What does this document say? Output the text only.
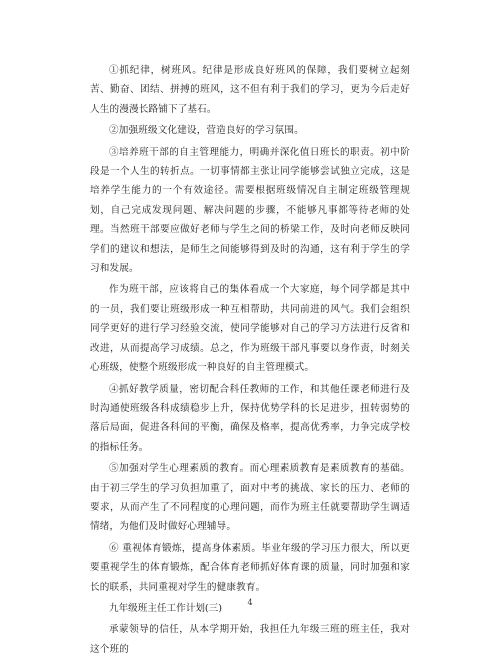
①抓纪律，树班风。纪律是形成良好班风的保障，我们要树立起刻苦、勤奋、团结、拼搏的班风，这不但有利于我们的学习，更为今后走好人生的漫漫长路铺下了基石。

②加强班级文化建设，营造良好的学习氛围。

③培养班干部的自主管理能力，明确并深化值日班长的职责。初中阶段是一个人生的转折点。一切事情都主张让同学能够尝试独立完成，这是培养学生能力的一个有效途径。需要根据班级情况自主制定班级管理规划，自己完成发现问题、解决问题的步骤，不能够凡事都等待老师的处理。当然班干部要应做好老师与学生之间的桥梁工作，及时向老师反映同学们的建议和想法，是师生之间能够得到及时的沟通，这有利于学生的学习和发展。

作为班干部，应该将自己的集体看成一个大家庭，每个同学都是其中的一员，我们要让班级形成一种互相帮助，共同前进的风气。我们会组织同学更好的进行学习经验交流，使同学能够对自己的学习方法进行反省和改进，从而提高学习成绩。总之，作为班级干部凡事要以身作责，时刻关心班级，使整个班级形成一种良好的自主管理模式。

④抓好教学质量，密切配合科任教师的工作，和其他任课老师进行及时沟通使班级各科成绩稳步上升，保持优势学科的长足进步，扭转弱势的落后局面，促进各科间的平衡，确保及格率，提高优秀率，力争完成学校的指标任务。

⑤加强对学生心理素质的教育。而心理素质教育是素质教育的基础。由于初三学生的学习负担加重了，面对中考的挑战、家长的压力、老师的要求，从而产生了不同程度的心理问题，而作为班主任就要帮助学生调适情绪，为他们及时做好心理辅导。

⑥ 重视体育锻炼，提高身体素质。毕业年级的学习压力很大，所以更要重视学生的体育锻炼，配合体育老师抓好体育课的质量，同时加强和家长的联系，共同重视对学生的健康教育。

九年级班主任工作计划(三)

承蒙领导的信任，从本学期开始，我担任九年级三班的班主任，我对这个班的

4
